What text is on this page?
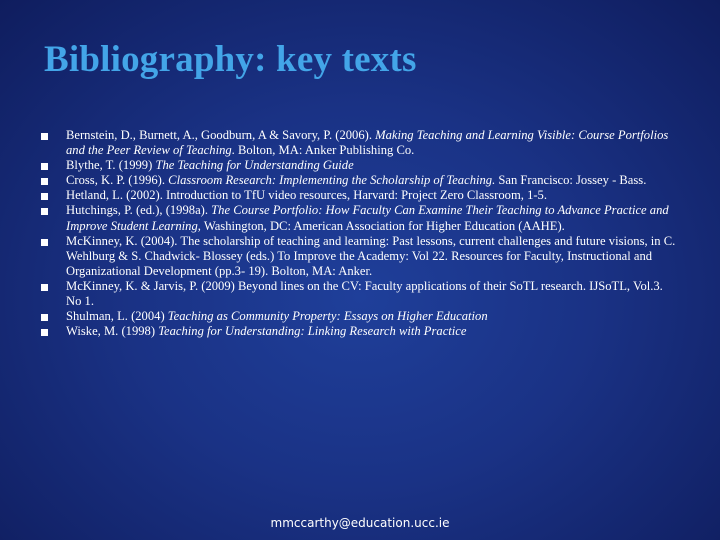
Bibliography: key texts
Bernstein, D., Burnett, A., Goodburn, A & Savory, P. (2006). Making Teaching and Learning Visible: Course Portfolios and the Peer Review of Teaching. Bolton, MA: Anker Publishing Co.
Blythe, T. (1999) The Teaching for Understanding Guide
Cross, K. P. (1996). Classroom Research: Implementing the Scholarship of Teaching. San Francisco: Jossey - Bass.
Hetland, L. (2002). Introduction to TfU video resources, Harvard: Project Zero Classroom, 1-5.
Hutchings, P. (ed.), (1998a). The Course Portfolio: How Faculty Can Examine Their Teaching to Advance Practice and Improve Student Learning, Washington, DC: American Association for Higher Education (AAHE).
McKinney, K. (2004). The scholarship of teaching and learning: Past lessons, current challenges and future visions, in C. Wehlburg & S. Chadwick- Blossey (eds.) To Improve the Academy: Vol 22. Resources for Faculty, Instructional and Organizational Development (pp.3- 19). Bolton, MA: Anker.
McKinney, K. & Jarvis, P. (2009) Beyond lines on the CV: Faculty applications of their SoTL research. IJSoTL, Vol.3. No 1.
Shulman, L. (2004) Teaching as Community Property: Essays on Higher Education
Wiske, M. (1998) Teaching for Understanding: Linking Research with Practice
mmccarthy@education.ucc.ie
